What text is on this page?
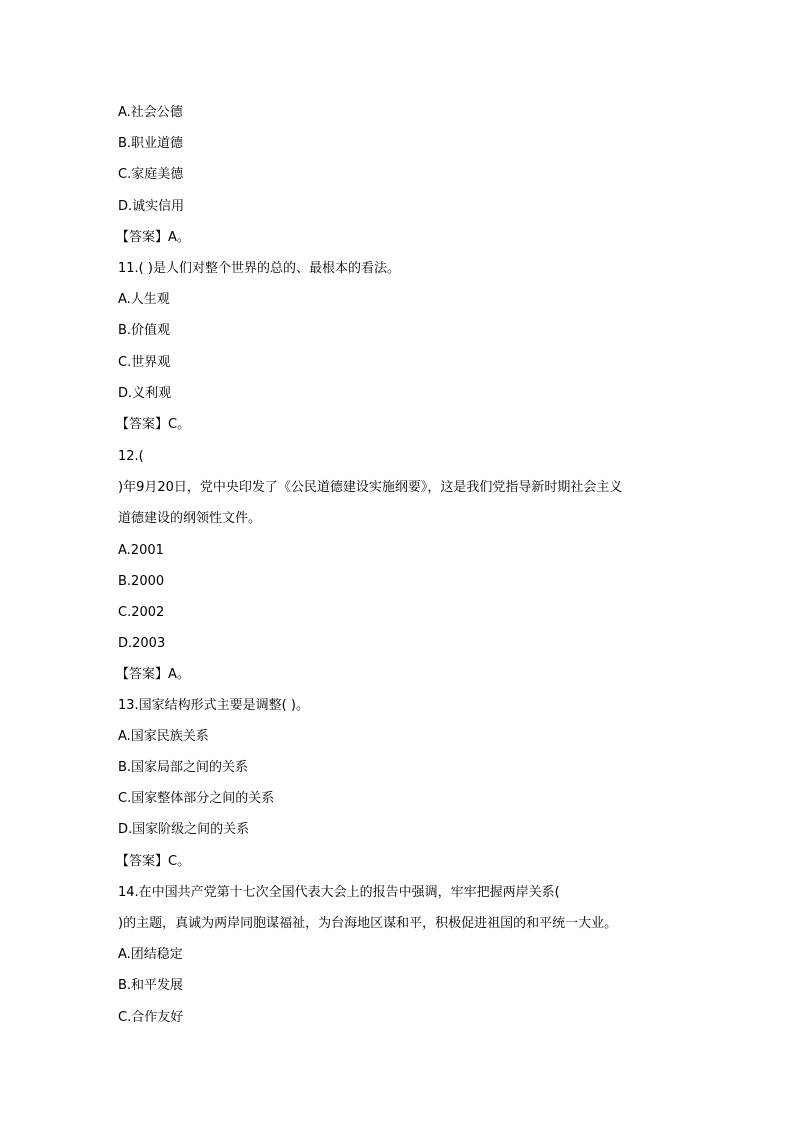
A.社会公德
B.职业道德
C.家庭美德
D.诚实信用
【答案】A。
11.( )是人们对整个世界的总的、最根本的看法。
A.人生观
B.价值观
C.世界观
D.义利观
【答案】C。
12.(
)年9月20日，党中央印发了《公民道德建设实施纲要》，这是我们党指导新时期社会主义
道德建设的纲领性文件。
A.2001
B.2000
C.2002
D.2003
【答案】A。
13.国家结构形式主要是调整( )。
A.国家民族关系
B.国家局部之间的关系
C.国家整体部分之间的关系
D.国家阶级之间的关系
【答案】C。
14.在中国共产党第十七次全国代表大会上的报告中强调，牢牢把握两岸关系(
)的主题，真诚为两岸同胞谋福祉，为台海地区谋和平，积极促进祖国的和平统一大业。
A.团结稳定
B.和平发展
C.合作友好
